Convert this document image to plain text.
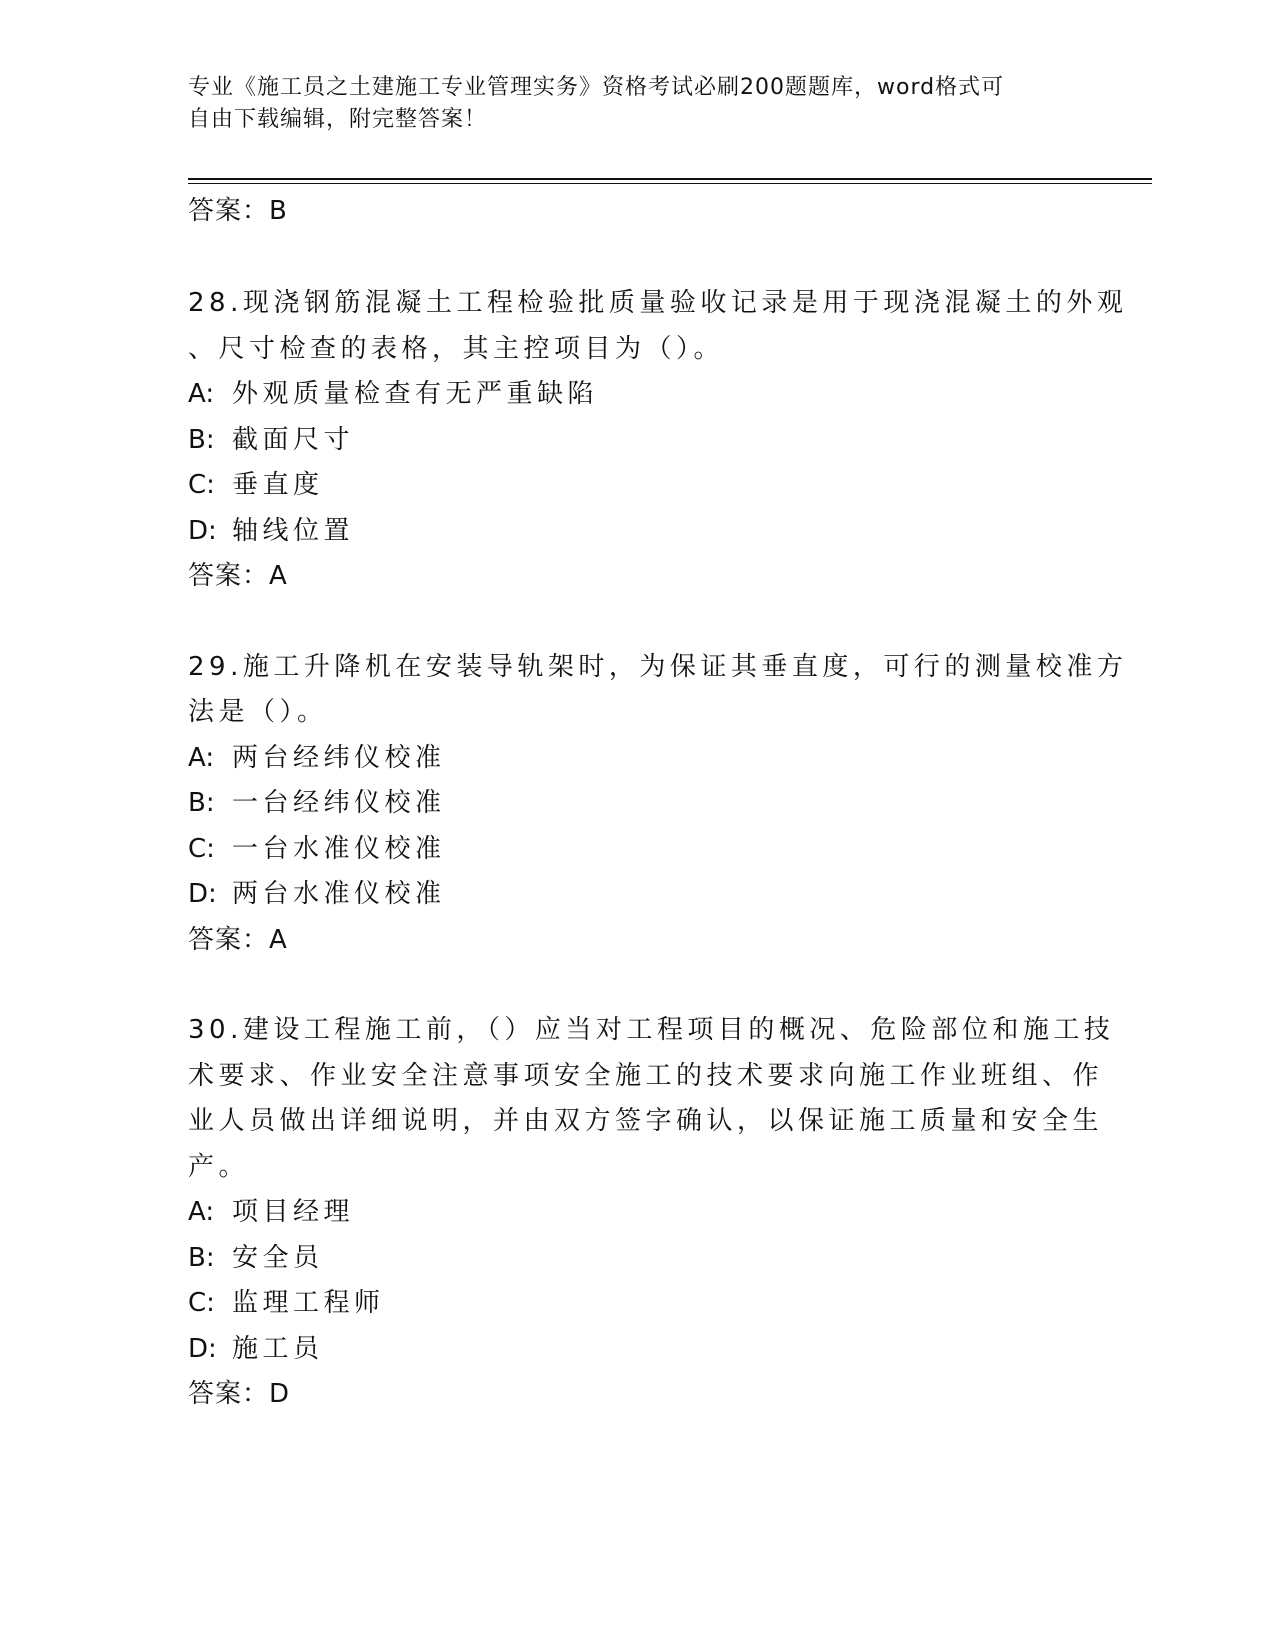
专业《施工员之土建施工专业管理实务》资格考试必刷200题题库，word格式可
自由下载编辑，附完整答案！
答案：B
28.现浇钢筋混凝土工程检验批质量验收记录是用于现浇混凝土的外观
、尺寸检查的表格，其主控项目为（）。
A: 外观质量检查有无严重缺陷
B: 截面尺寸
C: 垂直度
D: 轴线位置
答案：A
29.施工升降机在安装导轨架时，为保证其垂直度，可行的测量校准方
法是（）。
A: 两台经纬仪校准
B: 一台经纬仪校准
C: 一台水准仪校准
D: 两台水准仪校准
答案：A
30.建设工程施工前，（）应当对工程项目的概况、危险部位和施工技
术要求、作业安全注意事项安全施工的技术要求向施工作业班组、作
业人员做出详细说明，并由双方签字确认，以保证施工质量和安全生
产。
A: 项目经理
B: 安全员
C: 监理工程师
D: 施工员
答案：D
